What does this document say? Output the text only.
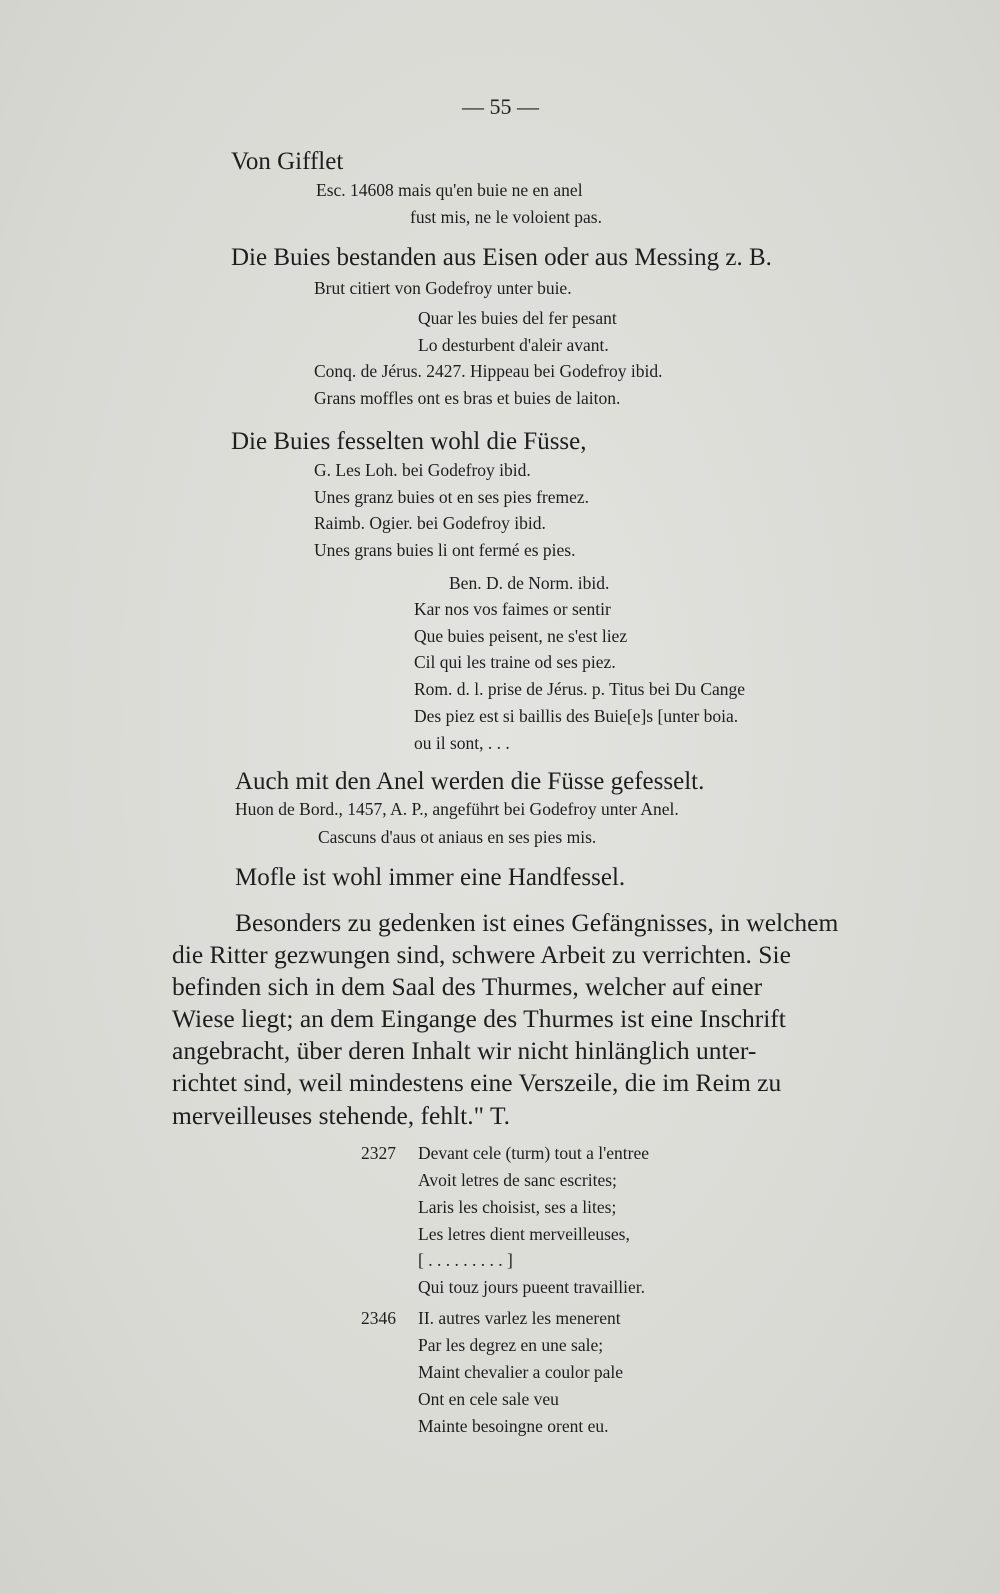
— 55 —
Von Gifflet
Esc. 14608 mais qu'en buie ne en anel
fust mis, ne le voloient pas.
Die Buies bestanden aus Eisen oder aus Messing z. B.
Brut citiert von Godefroy unter buie.
Quar les buies del fer pesant
Lo desturbent d'aleir avant.
Conq. de Jérus. 2427. Hippeau bei Godefroy ibid.
Grans moffles ont es bras et buies de laiton.
Die Buies fesselten wohl die Füsse,
G. Les Loh. bei Godefroy ibid.
Unes granz buies ot en ses pies fremez.
Raimb. Ogier. bei Godefroy ibid.
Unes grans buies li ont fermé es pies.
Ben. D. de Norm. ibid.
Kar nos vos faimes or sentir
Que buies peisent, ne s'est liez
Cil qui les traine od ses piez.
Rom. d. l. prise de Jérus. p. Titus bei Du Cange
Des piez est si baillis des Buie[e]s [unter boia.
ou il sont, . . .
Auch mit den Anel werden die Füsse gefesselt.
Huon de Bord., 1457, A. P., angeführt bei Godefroy unter Anel.
Cascuns d'aus ot aniaus en ses pies mis.
Mofle ist wohl immer eine Handfessel.
Besonders zu gedenken ist eines Gefängnisses, in welchem
die Ritter gezwungen sind, schwere Arbeit zu verrichten. Sie
befinden sich in dem Saal des Thurmes, welcher auf einer
Wiese liegt; an dem Eingange des Thurmes ist eine Inschrift
angebracht, über deren Inhalt wir nicht hinlänglich unter-
richtet sind, weil mindestens eine Verszeile, die im Reim zu
merveilleuses stehende, fehlt." T.
2327 Devant cele (turm) tout a l'entree
Avoit letres de sanc escrites;
Laris les choisist, ses a lites;
Les letres dient merveilleuses,
[ . . . . . . . . . ]
Qui touz jours pueent travaillier.
2346 II. autres varlez les menerent
Par les degrez en une sale;
Maint chevalier a coulor pale
Ont en cele sale veu
Mainte besoingne orent eu.
